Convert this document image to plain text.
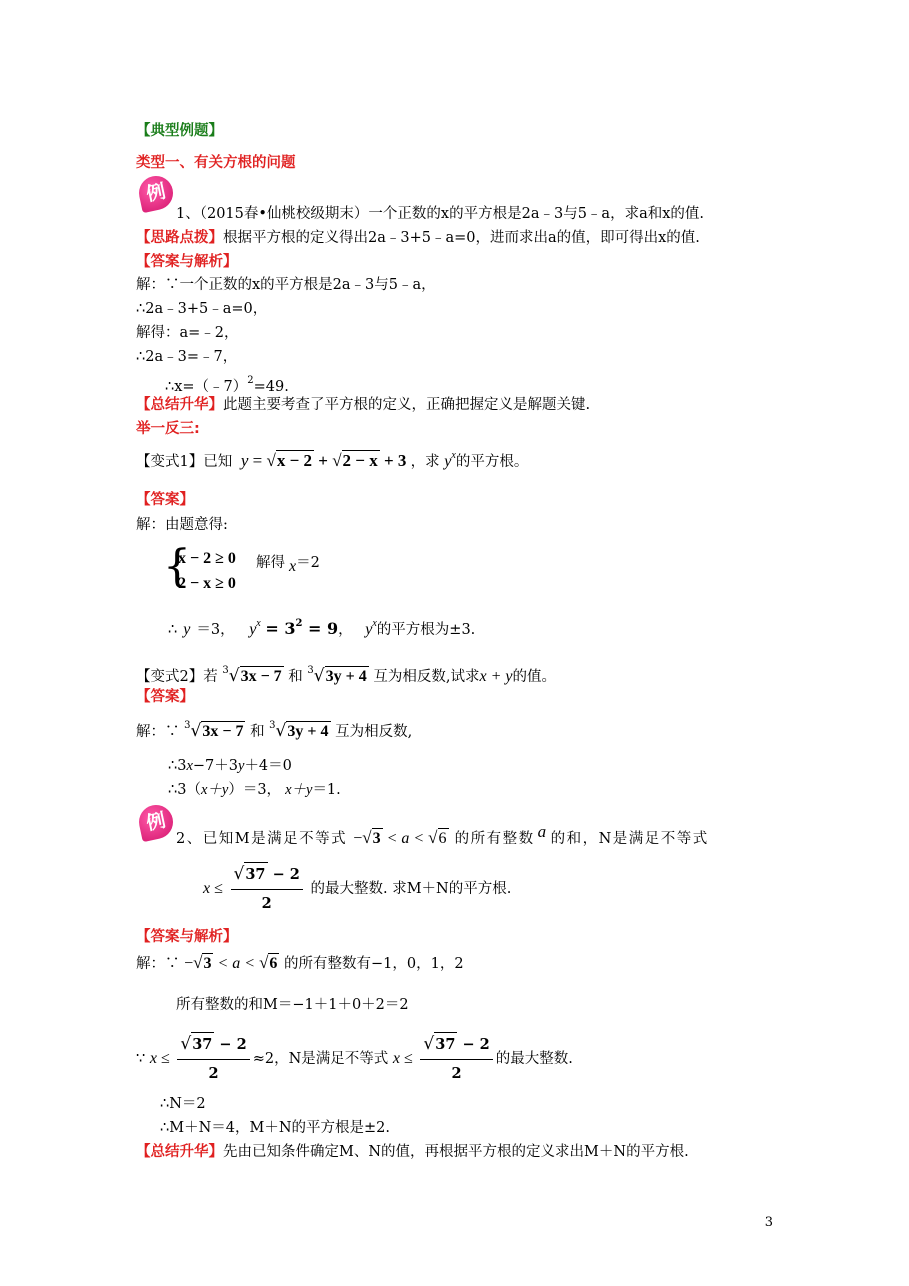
【典型例题】
类型一、有关方根的问题
例
1、（2015春•仙桃校级期末）一个正数的x的平方根是2a﹣3与5﹣a，求a和x的值.
【思路点拨】根据平方根的定义得出2a﹣3+5﹣a=0，进而求出a的值，即可得出x的值.
【答案与解析】
解：∵一个正数的x的平方根是2a﹣3与5﹣a，
∴2a﹣3+5﹣a=0，
解得：a=﹣2，
∴2a﹣3=﹣7，
∴x=（﹣7）$^2$=49.
【总结升华】此题主要考查了平方根的定义，正确把握定义是解题关键.
举一反三:
【变式1】已知 y = √x − 2 + √2 − x + 3 ，求 $y^x$的平方根。
【答案】
解：由题意得:
{
x − 2 ≥ 0
2 − x ≥ 0
解得 x＝2
∴ y ＝3， $y^x = 3^2 = 9$， $y^x$的平方根为±3.
【变式2】若 $^3$√3x − 7 和 $^3$√3y + 4 互为相反数,试求x + y的值。
【答案】
解：∵ $^3$√3x − 7 和 $^3$√3y + 4 互为相反数,
∴3x−7＋3y＋4＝0
∴3（x＋y）＝3， x＋y＝1.
例
2、已知M是满足不等式 −√3 < a < √6 的所有整数 a 的和，N是满足不等式
$x \le \frac{√37 - 2}{2}$ 的最大整数. 求M＋N的平方根.
【答案与解析】
解：∵ −√3 < a < √6 的所有整数有−1，0，1，2
所有整数的和M＝−1＋1＋0＋2＝2
∵ $x \le \frac{√37 - 2}{2} \approx 2$，N是满足不等式 $x \le \frac{√37 - 2}{2}$ 的最大整数.
∴N＝2
∴M＋N＝4，M＋N的平方根是±2.
【总结升华】先由已知条件确定M、N的值，再根据平方根的定义求出M＋N的平方根.
3
